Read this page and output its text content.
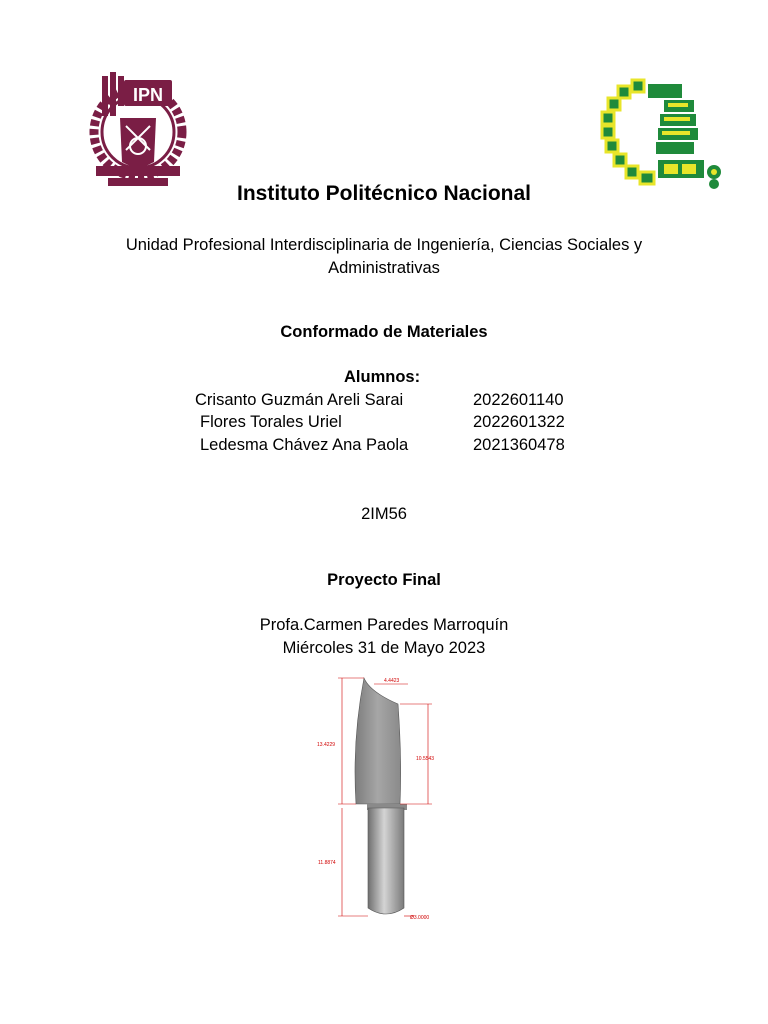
IPN
Instituto Politécnico Nacional
Unidad Profesional Interdisciplinaria de Ingeniería, Ciencias Sociales y
Administrativas
Conformado de Materiales
Alumnos:
Crisanto Guzmán Areli Sarai	2022601140
Flores Torales Uriel	2022601322
Ledesma Chávez Ana Paola	2021360478
2IM56
Proyecto Final
Profa.Carmen Paredes Marroquín
Miércoles 31 de Mayo 2023
4.4423
13.4229
10.5543
11.8874
Ø3.0000
